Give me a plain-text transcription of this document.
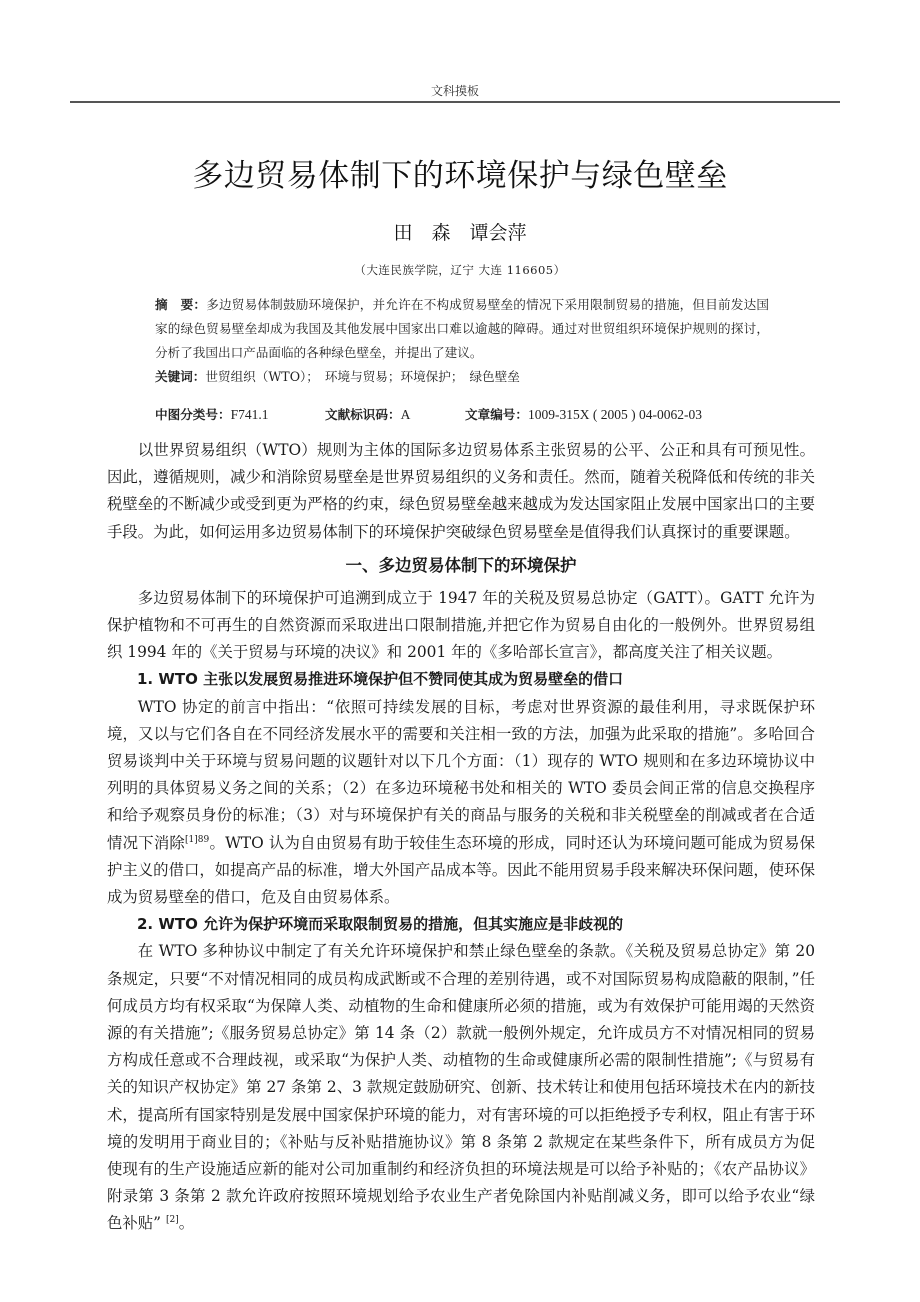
文科摸板
多边贸易体制下的环境保护与绿色壁垒
田　森　谭会萍
（大连民族学院，辽宁 大连 116605）
摘　要：多边贸易体制鼓励环境保护，并允许在不构成贸易壁垒的情况下采用限制贸易的措施，但目前发达国家的绿色贸易壁垒却成为我国及其他发展中国家出口难以逾越的障碍。通过对世贸组织环境保护规则的探讨，分析了我国出口产品面临的各种绿色壁垒，并提出了建议。
关键词：世贸组织（WTO）； 环境与贸易；环境保护； 绿色壁垒
中图分类号：F741.1	文献标识码：A	文章编号：1009-315X ( 2005 ) 04-0062-03

以世界贸易组织（WTO）规则为主体的国际多边贸易体系主张贸易的公平、公正和具有可预见性。因此，遵循规则，减少和消除贸易壁垒是世界贸易组织的义务和责任。然而，随着关税降低和传统的非关税壁垒的不断减少或受到更为严格的约束，绿色贸易壁垒越来越成为发达国家阻止发展中国家出口的主要手段。为此，如何运用多边贸易体制下的环境保护突破绿色贸易壁垒是值得我们认真探讨的重要课题。

一、多边贸易体制下的环境保护

多边贸易体制下的环境保护可追溯到成立于 1947 年的关税及贸易总协定（GATT）。GATT 允许为保护植物和不可再生的自然资源而采取进出口限制措施,并把它作为贸易自由化的一般例外。世界贸易组织 1994 年的《关于贸易与环境的决议》和 2001 年的《多哈部长宣言》，都高度关注了相关议题。

1. WTO 主张以发展贸易推进环境保护但不赞同使其成为贸易壁垒的借口

WTO 协定的前言中指出：“依照可持续发展的目标，考虑对世界资源的最佳利用，寻求既保护环境，又以与它们各自在不同经济发展水平的需要和关注相一致的方法，加强为此采取的措施”。多哈回合贸易谈判中关于环境与贸易问题的议题针对以下几个方面：（1）现存的 WTO 规则和在多边环境协议中列明的具体贸易义务之间的关系；（2）在多边环境秘书处和相关的 WTO 委员会间正常的信息交换程序和给予观察员身份的标准；（3）对与环境保护有关的商品与服务的关税和非关税壁垒的削减或者在合适情况下消除$^{[1]89}$。WTO 认为自由贸易有助于较佳生态环境的形成，同时还认为环境问题可能成为贸易保护主义的借口，如提高产品的标准，增大外国产品成本等。因此不能用贸易手段来解决环保问题，使环保成为贸易壁垒的借口，危及自由贸易体系。

2. WTO 允许为保护环境而采取限制贸易的措施，但其实施应是非歧视的

在 WTO 多种协议中制定了有关允许环境保护和禁止绿色壁垒的条款。《关税及贸易总协定》第 20 条规定，只要“不对情况相同的成员构成武断或不合理的差别待遇，或不对国际贸易构成隐蔽的限制，”任何成员方均有权采取“为保障人类、动植物的生命和健康所必须的措施，或为有效保护可能用竭的天然资源的有关措施”;《服务贸易总协定》第 14 条（2）款就一般例外规定，允许成员方不对情况相同的贸易方构成任意或不合理歧视，或采取“为保护人类、动植物的生命或健康所必需的限制性措施”;《与贸易有关的知识产权协定》第 27 条第 2、3 款规定鼓励研究、创新、技术转让和使用包括环境技术在内的新技术，提高所有国家特别是发展中国家保护环境的能力，对有害环境的可以拒绝授予专利权，阻止有害于环境的发明用于商业目的；《补贴与反补贴措施协议》第 8 条第 2 款规定在某些条件下，所有成员方为促使现有的生产设施适应新的能对公司加重制约和经济负担的环境法规是可以给予补贴的；《农产品协议》附录第 3 条第 2 款允许政府按照环境规划给予农业生产者免除国内补贴削减义务，即可以给予农业“绿色补贴” [2]。
